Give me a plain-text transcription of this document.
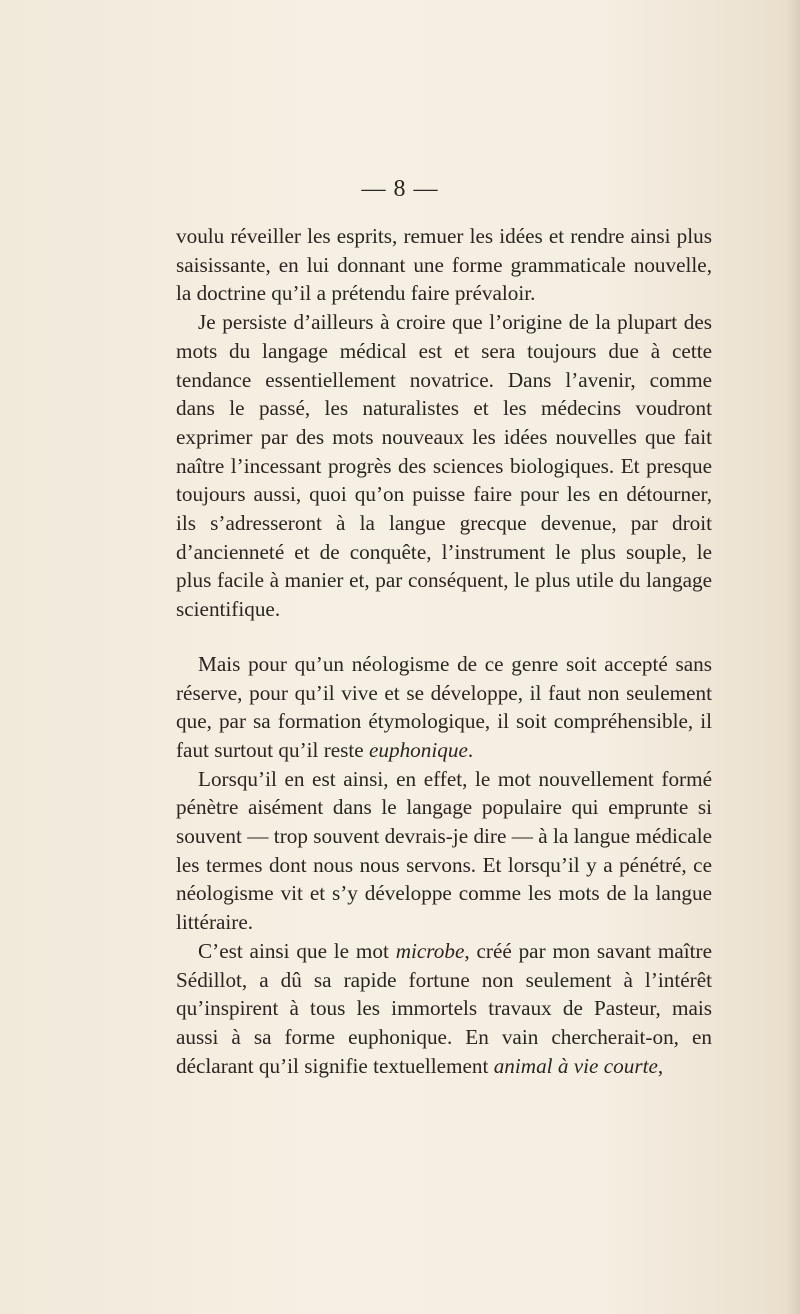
— 8 —

voulu réveiller les esprits, remuer les idées et rendre ainsi plus saisissante, en lui donnant une forme grammaticale nouvelle, la doctrine qu’il a prétendu faire prévaloir.

Je persiste d’ailleurs à croire que l’origine de la plupart des mots du langage médical est et sera toujours due à cette tendance essentiellement novatrice. Dans l’avenir, comme dans le passé, les naturalistes et les médecins voudront exprimer par des mots nouveaux les idées nouvelles que fait naître l’incessant progrès des sciences biologiques. Et presque toujours aussi, quoi qu’on puisse faire pour les en détourner, ils s’adresseront à la langue grecque devenue, par droit d’ancienneté et de conquête, l’instrument le plus souple, le plus facile à manier et, par conséquent, le plus utile du langage scientifique.

Mais pour qu’un néologisme de ce genre soit accepté sans réserve, pour qu’il vive et se développe, il faut non seulement que, par sa formation étymologique, il soit compréhensible, il faut surtout qu’il reste euphonique.

Lorsqu’il en est ainsi, en effet, le mot nouvellement formé pénètre aisément dans le langage populaire qui emprunte si souvent — trop souvent devrais-je dire — à la langue médicale les termes dont nous nous servons. Et lorsqu’il y a pénétré, ce néologisme vit et s’y développe comme les mots de la langue littéraire.

C’est ainsi que le mot microbe, créé par mon savant maître Sédillot, a dû sa rapide fortune non seulement à l’intérêt qu’inspirent à tous les immortels travaux de Pasteur, mais aussi à sa forme euphonique. En vain chercherait-on, en déclarant qu’il signifie textuellement animal à vie courte,
